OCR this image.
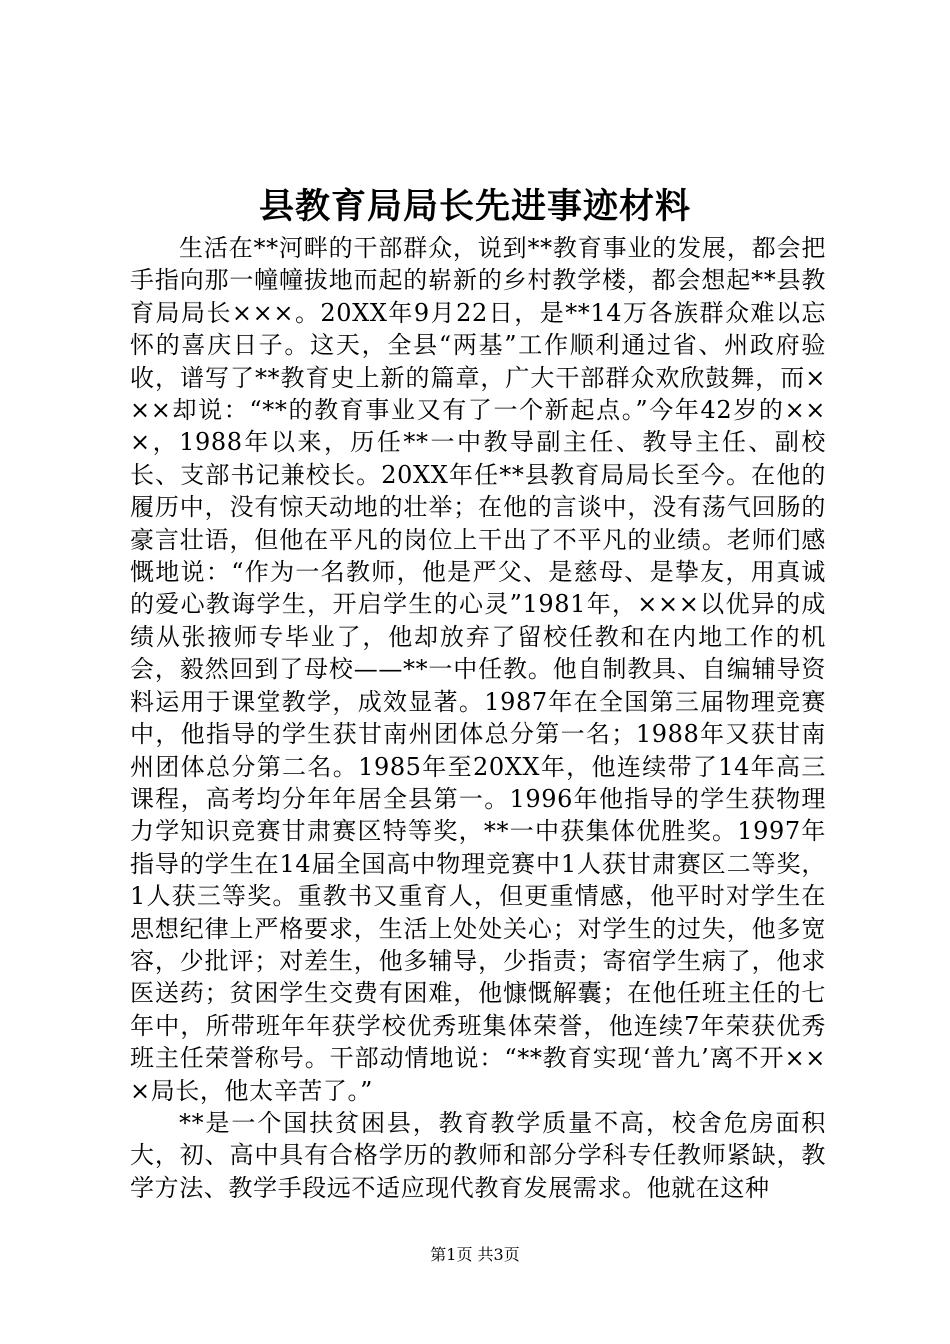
县教育局局长先进事迹材料

生活在**河畔的干部群众，说到**教育事业的发展，都会把手指向那一幢幢拔地而起的崭新的乡村教学楼，都会想起**县教育局局长×××。20XX年9月22日，是**14万各族群众难以忘怀的喜庆日子。这天，全县“两基”工作顺利通过省、州政府验收，谱写了**教育史上新的篇章，广大干部群众欢欣鼓舞，而×××却说：“**的教育事业又有了一个新起点。”今年42岁的×××，1988年以来，历任**一中教导副主任、教导主任、副校长、支部书记兼校长。20XX年任**县教育局局长至今。在他的履历中，没有惊天动地的壮举；在他的言谈中，没有荡气回肠的豪言壮语，但他在平凡的岗位上干出了不平凡的业绩。老师们感慨地说：“作为一名教师，他是严父、是慈母、是挚友，用真诚的爱心教诲学生，开启学生的心灵”1981年，×××以优异的成绩从张掖师专毕业了，他却放弃了留校任教和在内地工作的机会，毅然回到了母校——**一中任教。他自制教具、自编辅导资料运用于课堂教学，成效显著。1987年在全国第三届物理竞赛中，他指导的学生获甘南州团体总分第一名；1988年又获甘南州团体总分第二名。1985年至20XX年，他连续带了14年高三课程，高考均分年年居全县第一。1996年他指导的学生获物理力学知识竞赛甘肃赛区特等奖，**一中获集体优胜奖。1997年指导的学生在14届全国高中物理竞赛中1人获甘肃赛区二等奖，1人获三等奖。重教书又重育人，但更重情感，他平时对学生在思想纪律上严格要求，生活上处处关心；对学生的过失，他多宽容，少批评；对差生，他多辅导，少指责；寄宿学生病了，他求医送药；贫困学生交费有困难，他慷慨解囊；在他任班主任的七年中，所带班年年获学校优秀班集体荣誉，他连续7年荣获优秀班主任荣誉称号。干部动情地说：“**教育实现‘普九’离不开×××局长，他太辛苦了。”

**是一个国扶贫困县，教育教学质量不高，校舍危房面积大，初、高中具有合格学历的教师和部分学科专任教师紧缺，教学方法、教学手段远不适应现代教育发展需求。他就在这种

第1页 共3页
